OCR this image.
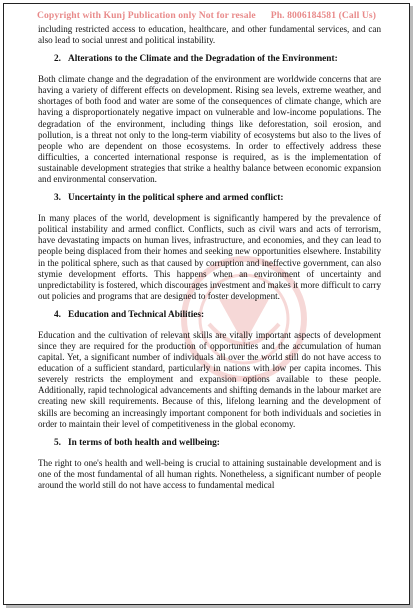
Copyright with Kunj Publication only Not for resale Ph. 8006184581 (Call Us)

including restricted access to education, healthcare, and other fundamental services, and can also lead to social unrest and political instability.

2. Alterations to the Climate and the Degradation of the Environment:

Both climate change and the degradation of the environment are worldwide concerns that are having a variety of different effects on development. Rising sea levels, extreme weather, and shortages of both food and water are some of the consequences of climate change, which are having a disproportionately negative impact on vulnerable and low-income populations. The degradation of the environment, including things like deforestation, soil erosion, and pollution, is a threat not only to the long-term viability of ecosystems but also to the lives of people who are dependent on those ecosystems. In order to effectively address these difficulties, a concerted international response is required, as is the implementation of sustainable development strategies that strike a healthy balance between economic expansion and environmental conservation.

3. Uncertainty in the political sphere and armed conflict:

In many places of the world, development is significantly hampered by the prevalence of political instability and armed conflict. Conflicts, such as civil wars and acts of terrorism, have devastating impacts on human lives, infrastructure, and economies, and they can lead to people being displaced from their homes and seeking new opportunities elsewhere. Instability in the political sphere, such as that caused by corruption and ineffective government, can also stymie development efforts. This happens when an environment of uncertainty and unpredictability is fostered, which discourages investment and makes it more difficult to carry out policies and programs that are designed to foster development.

4. Education and Technical Abilities:

Education and the cultivation of relevant skills are vitally important aspects of development since they are required for the production of opportunities and the accumulation of human capital. Yet, a significant number of individuals all over the world still do not have access to education of a sufficient standard, particularly in nations with low per capita incomes. This severely restricts the employment and expansion options available to these people. Additionally, rapid technological advancements and shifting demands in the labour market are creating new skill requirements. Because of this, lifelong learning and the development of skills are becoming an increasingly important component for both individuals and societies in order to maintain their level of competitiveness in the global economy.

5. In terms of both health and wellbeing:

The right to one's health and well-being is crucial to attaining sustainable development and is one of the most fundamental of all human rights. Nonetheless, a significant number of people around the world still do not have access to fundamental medical
